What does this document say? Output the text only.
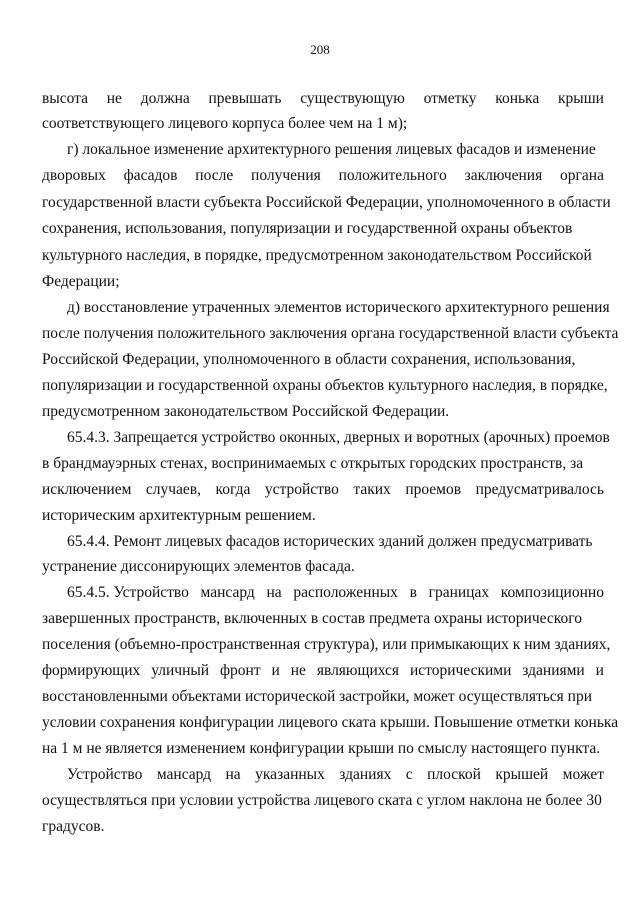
208
высота не должна превышать существующую отметку конька крыши
соответствующего лицевого корпуса более чем на 1 м);
г) локальное изменение архитектурного решения лицевых фасадов и изменение
дворовых фасадов после получения положительного заключения органа
государственной власти субъекта Российской Федерации, уполномоченного в области
сохранения, использования, популяризации и государственной охраны объектов
культурного наследия, в порядке, предусмотренном законодательством Российской
Федерации;
д) восстановление утраченных элементов исторического архитектурного решения
после получения положительного заключения органа государственной власти субъекта
Российской Федерации, уполномоченного в области сохранения, использования,
популяризации и государственной охраны объектов культурного наследия, в порядке,
предусмотренном законодательством Российской Федерации.
65.4.3. Запрещается устройство оконных, дверных и воротных (арочных) проемов
в брандмауэрных стенах, воспринимаемых с открытых городских пространств, за
исключением случаев, когда устройство таких проемов предусматривалось
историческим архитектурным решением.
65.4.4. Ремонт лицевых фасадов исторических зданий должен предусматривать
устранение диссонирующих элементов фасада.
65.4.5. Устройство мансард на расположенных в границах композиционно
завершенных пространств, включенных в состав предмета охраны исторического
поселения (объемно-пространственная структура), или примыкающих к ним зданиях,
формирующих уличный фронт и не являющихся историческими зданиями и
восстановленными объектами исторической застройки, может осуществляться при
условии сохранения конфигурации лицевого ската крыши. Повышение отметки конька
на 1 м не является изменением конфигурации крыши по смыслу настоящего пункта.
Устройство мансард на указанных зданиях с плоской крышей может
осуществляться при условии устройства лицевого ската с углом наклона не более 30
градусов.
